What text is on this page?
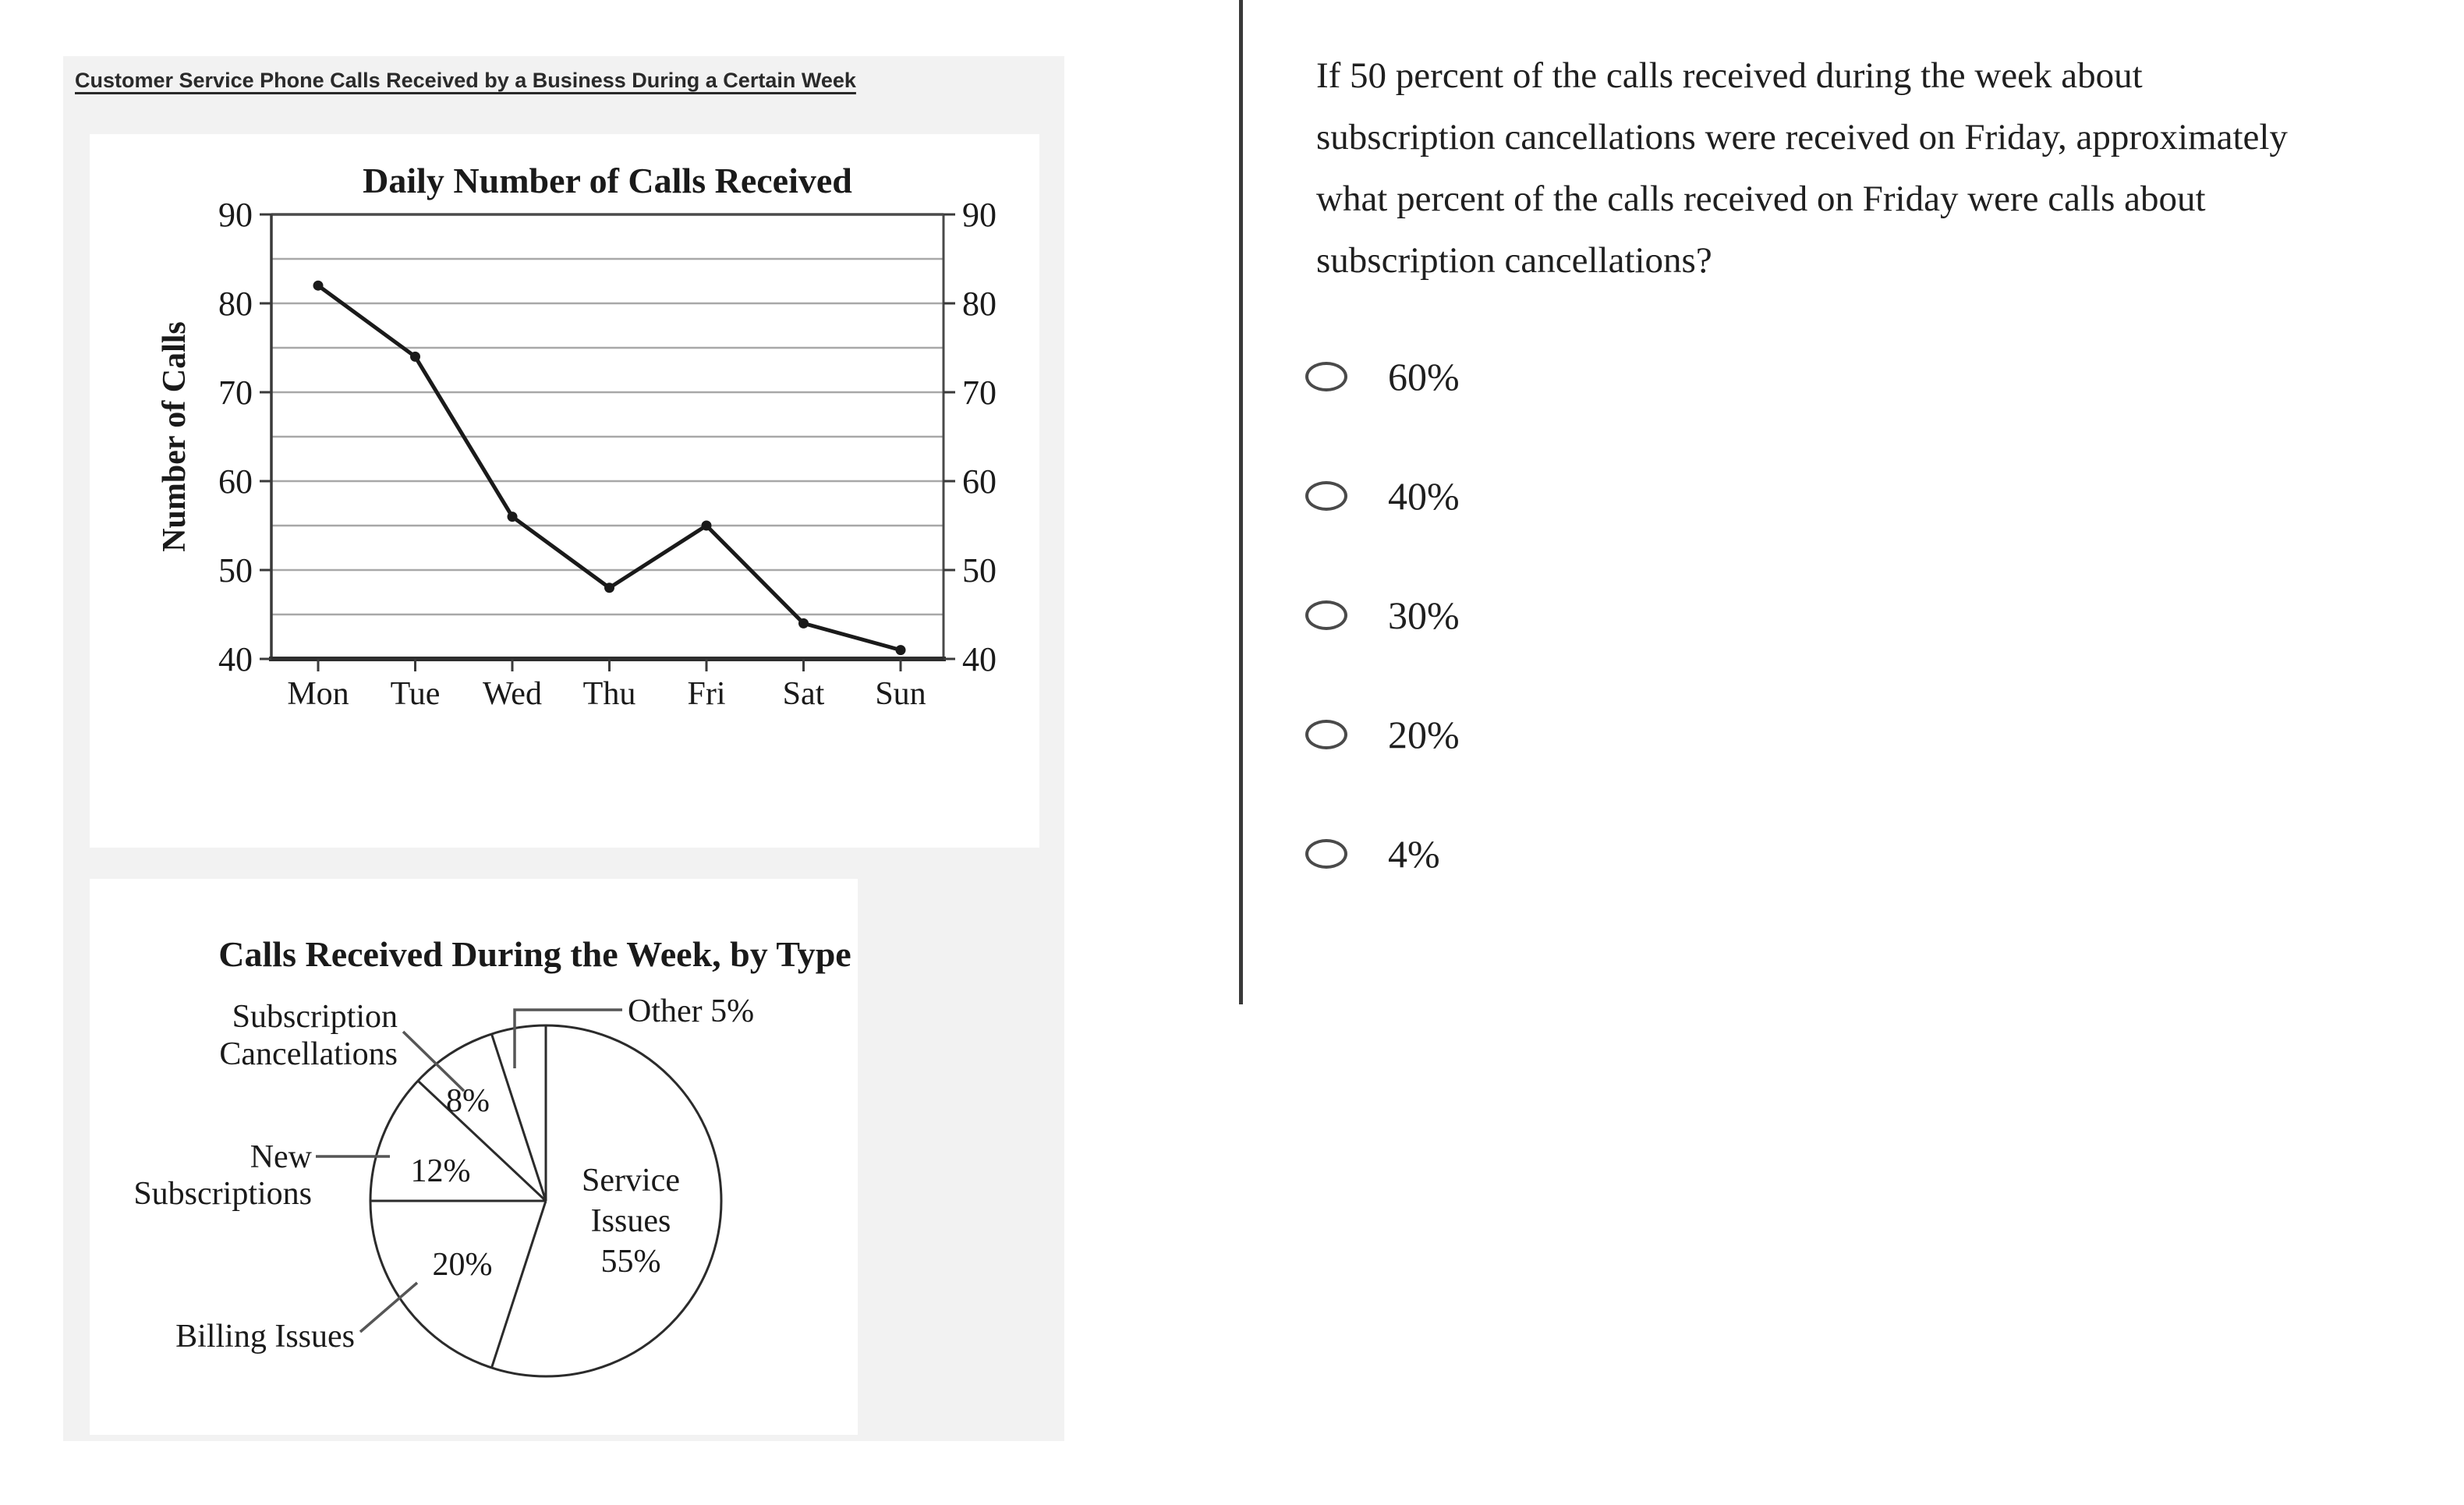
Customer Service Phone Calls Received by a Business During a Certain Week
40	40
50	50
60	60
70	70
80	80
90	90
Mon Tue Wed Thu Fri Sat Sun
Daily Number of Calls Received
Number of Calls
Calls Received During the Week, by Type
Service
Issues
55%
20%
Billing Issues
12%
New
Subscriptions
8%
Subscription
Cancellations
Other 5%
If 50 percent of the calls received during the week about
subscription cancellations were received on Friday, approximately
what percent of the calls received on Friday were calls about
subscription cancellations?
60%
40%
30%
20%
4%
